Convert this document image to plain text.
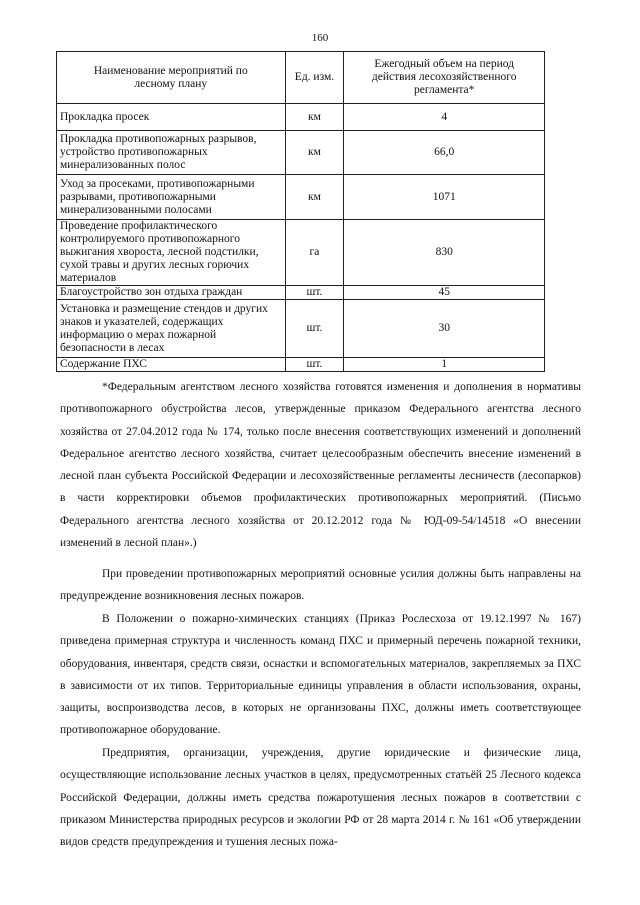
160
Наименование мероприятий по лесному плану	Ед. изм.	Ежегодный объем на период действия лесохозяйственного регламента*
Прокладка просек	км	4
Прокладка противопожарных разрывов, устройство противопожарных минерализованных полос	км	66,0
Уход за просеками, противопожарными разрывами, противопожарными минерализованными полосами	км	1071
Проведение профилактического контролируемого противопожарного выжигания хвороста, лесной подстилки, сухой травы и других лесных горючих материалов	га	830
Благоустройство зон отдыха граждан	шт.	45
Установка и размещение стендов и других знаков и указателей, содержащих информацию о мерах пожарной безопасности в лесах	шт.	30
Содержание ПХС	шт.	1

*Федеральным агентством лесного хозяйства готовятся изменения и дополнения в нормативы противопожарного обустройства лесов, утвержденные приказом Федерального агентства лесного хозяйства от 27.04.2012 года № 174, только после внесения соответствующих изменений и дополнений Федеральное агентство лесного хозяйства, считает целесообразным обеспечить внесение изменений в лесной план субъекта Российской Федерации и лесохозяйственные регламенты лесничеств (лесопарков) в части корректировки объемов профилактических противопожарных мероприятий. (Письмо Федерального агентства лесного хозяйства от 20.12.2012 года № ЮД-09-54/14518 «О внесении изменений в лесной план».)

При проведении противопожарных мероприятий основные усилия должны быть направлены на предупреждение возникновения лесных пожаров.

В Положении о пожарно-химических станциях (Приказ Рослесхоза от 19.12.1997 № 167) приведена примерная структура и численность команд ПХС и примерный перечень пожарной техники, оборудования, инвентаря, средств связи, оснастки и вспомогательных материалов, закрепляемых за ПХС в зависимости от их типов. Территориальные единицы управления в области использования, охраны, защиты, воспроизводства лесов, в которых не организованы ПХС, должны иметь соответствующее противопожарное оборудование.

Предприятия, организации, учреждения, другие юридические и физические лица, осуществляющие использование лесных участков в целях, предусмотренных статьёй 25 Лесного кодекса Российской Федерации, должны иметь средства пожаротушения лесных пожаров в соответствии с приказом Министерства природных ресурсов и экологии РФ от 28 марта 2014 г. № 161 «Об утверждении видов средств предупреждения и тушения лесных пожа-
